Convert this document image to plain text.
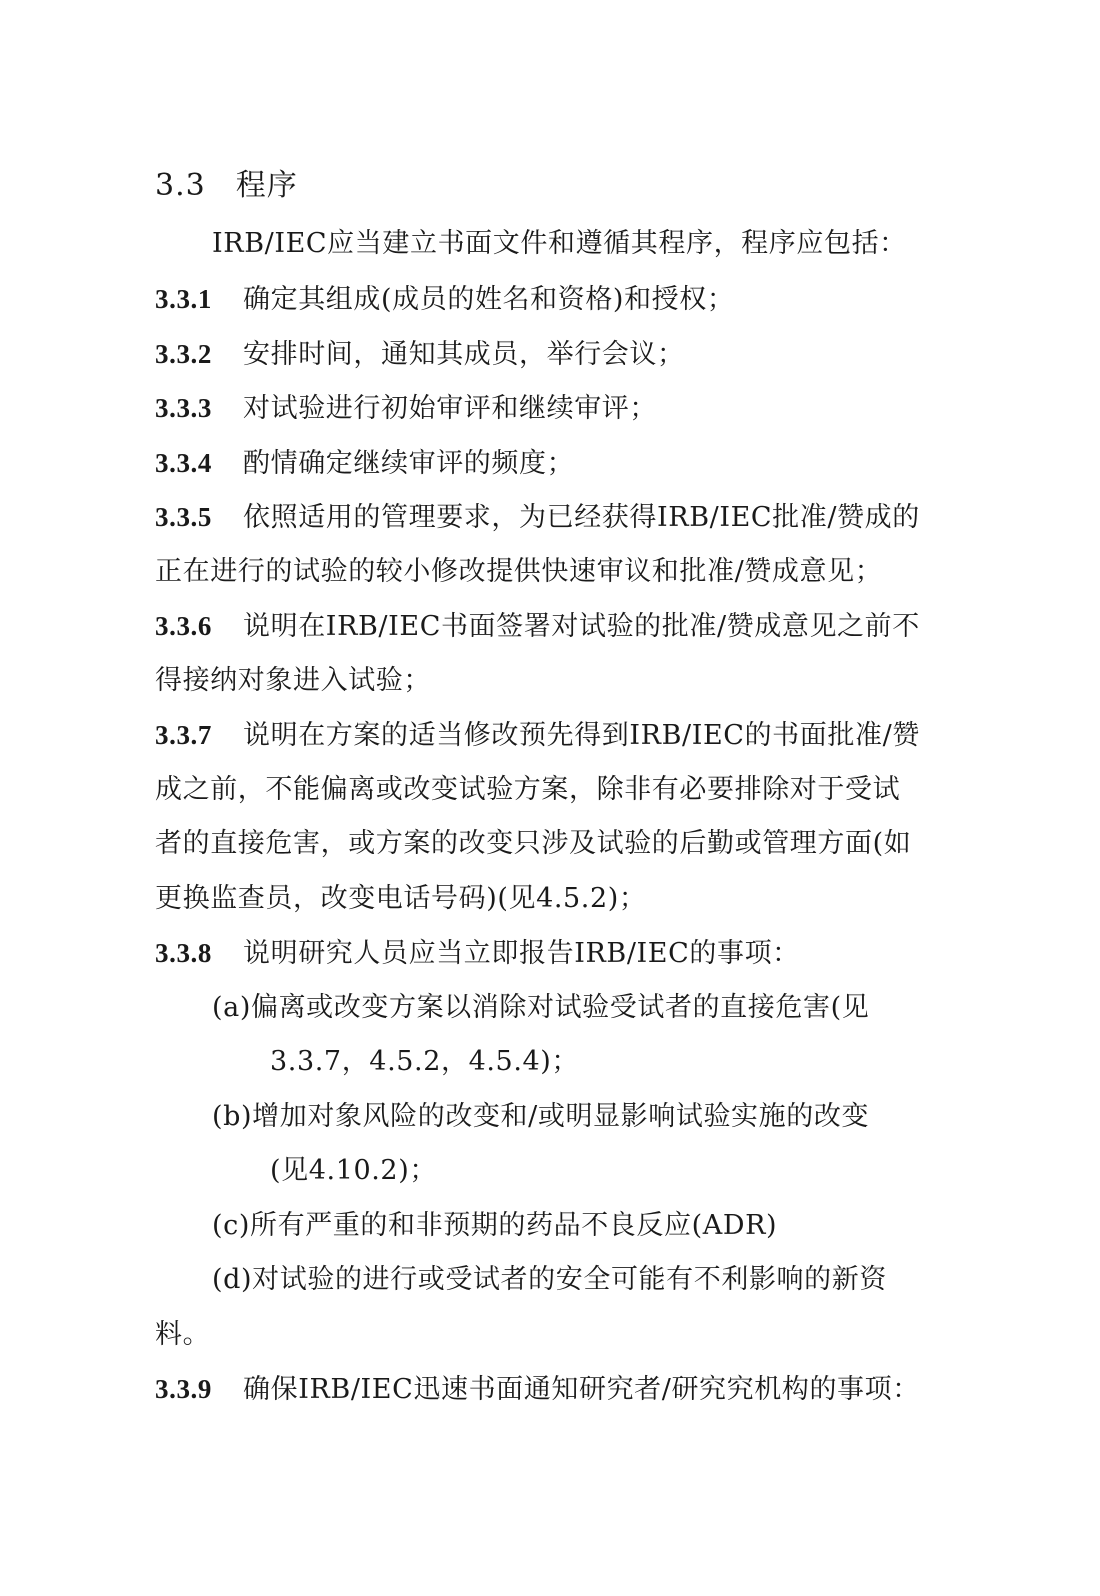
3.3 程序
IRB/IEC应当建立书面文件和遵循其程序，程序应包括：
3.3.1 确定其组成(成员的姓名和资格)和授权；
3.3.2 安排时间，通知其成员，举行会议；
3.3.3 对试验进行初始审评和继续审评；
3.3.4 酌情确定继续审评的频度；
3.3.5 依照适用的管理要求，为已经获得IRB/IEC批准/赞成的
正在进行的试验的较小修改提供快速审议和批准/赞成意见；
3.3.6 说明在IRB/IEC书面签署对试验的批准/赞成意见之前不
得接纳对象进入试验；
3.3.7 说明在方案的适当修改预先得到IRB/IEC的书面批准/赞
成之前，不能偏离或改变试验方案，除非有必要排除对于受试
者的直接危害，或方案的改变只涉及试验的后勤或管理方面(如
更换监查员，改变电话号码)(见4.5.2)；
3.3.8 说明研究人员应当立即报告IRB/IEC的事项：
(a)偏离或改变方案以消除对试验受试者的直接危害(见
3.3.7，4.5.2，4.5.4)；
(b)增加对象风险的改变和/或明显影响试验实施的改变
(见4.10.2)；
(c)所有严重的和非预期的药品不良反应(ADR)
(d)对试验的进行或受试者的安全可能有不利影响的新资
料。
3.3.9 确保IRB/IEC迅速书面通知研究者/研究究机构的事项：
